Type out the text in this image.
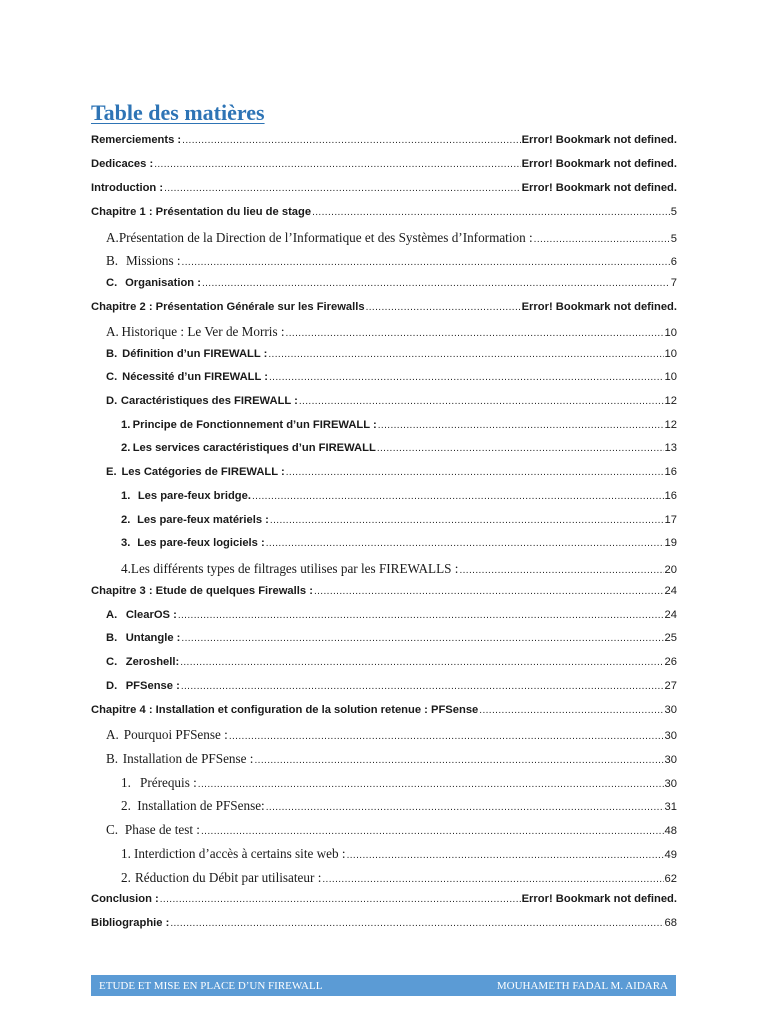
Table des matières
Remerciements : .....	Error! Bookmark not defined.
Dedicaces : .....	Error! Bookmark not defined.
Introduction : .....	Error! Bookmark not defined.
Chapitre 1 : Présentation du lieu de stage .....	5
A. Présentation de la Direction de l’Informatique et des Systèmes d’Information : .....	5
B. Missions : .....	6
C. Organisation : .....	7
Chapitre 2 : Présentation Générale sur les Firewalls .....	Error! Bookmark not defined.
A. Historique : Le Ver de Morris : .....	10
B. Définition d’un FIREWALL : .....	10
C. Nécessité d’un FIREWALL : .....	10
D. Caractéristiques des FIREWALL : .....	12
1. Principe de Fonctionnement d’un FIREWALL : .....	12
2. Les services caractéristiques d’un FIREWALL .....	13
E. Les Catégories de FIREWALL : .....	16
1. Les pare-feux bridge. .....	16
2. Les pare-feux matériels : .....	17
3. Les pare-feux logiciels : .....	19
4. Les différents types de filtrages utilises par les FIREWALLS : .....	20
Chapitre 3 : Etude de quelques Firewalls : .....	24
A. ClearOS : .....	24
B. Untangle : .....	25
C. Zeroshell: .....	26
D. PFSense : .....	27
Chapitre 4 : Installation et configuration de la solution retenue : PFSense .....	30
A. Pourquoi PFSense : .....	30
B. Installation de PFSense : .....	30
1. Prérequis : .....	30
2. Installation de PFSense: .....	31
C. Phase de test : .....	48
1. Interdiction d’accès à certains site web : .....	49
2. Réduction du Débit par utilisateur : .....	62
Conclusion : .....	Error! Bookmark not defined.
Bibliographie : .....	68
ETUDE ET MISE EN PLACE D’UN FIREWALL	MOUHAMETH FADAL M. AIDARA
